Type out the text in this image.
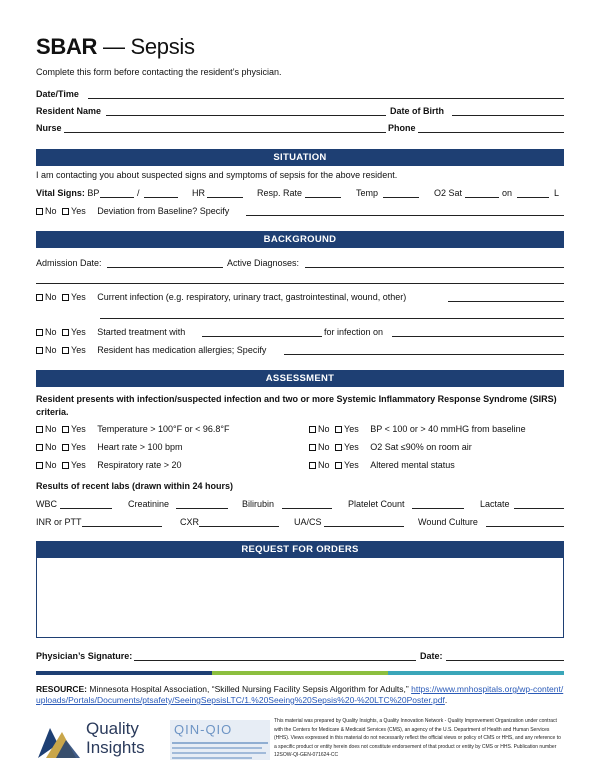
SBAR — Sepsis
Complete this form before contacting the resident’s physician.
Date/Time
Resident Name	Date of Birth
Nurse	Phone
SITUATION
I am contacting you about suspected signs and symptoms of sepsis for the above resident.
Vital Signs: BP	/	HR	Resp. Rate	Temp	O2 Sat	on	L
No Yes Deviation from Baseline? Specify
BACKGROUND
Admission Date:	Active Diagnoses:
No Yes Current infection (e.g. respiratory, urinary tract, gastrointestinal, wound, other)
No Yes Started treatment with	for infection on
No Yes Resident has medication allergies; Specify
ASSESSMENT
Resident presents with infection/suspected infection and two or more Systemic Inflammatory Response Syndrome (SIRS) criteria.
No Yes Temperature > 100°F or < 96.8°F	No Yes BP < 100 or > 40 mmHG from baseline
No Yes Heart rate > 100 bpm	No Yes O2 Sat ≤90% on room air
No Yes Respiratory rate > 20	No Yes Altered mental status
Results of recent labs (drawn within 24 hours)
WBC	Creatinine	Bilirubin	Platelet Count	Lactate
INR or PTT	CXR	UA/CS	Wound Culture
REQUEST FOR ORDERS
Physician’s Signature:	Date:
RESOURCE: Minnesota Hospital Association, “Skilled Nursing Facility Sepsis Algorithm for Adults,” https://www.mnhospitals.org/wp-content/uploads/Portals/Documents/ptsafety/SeeingSepsisLTC/1.%20Seeing%20Sepsis%20-%20LTC%20Poster.pdf.
Quality
Insights
QIN-QIO
This material was prepared by Quality Insights, a Quality Innovation Network - Quality Improvement Organization under contract with the Centers for Medicare & Medicaid Services (CMS), an agency of the U.S. Department of Health and Human Services (HHS). Views expressed in this material do not necessarily reflect the official views or policy of CMS or HHS, and any reference to a specific product or entity herein does not constitute endorsement of that product or entity by CMS or HHS. Publication number 12SOW-QI-GEN-071624-CC
